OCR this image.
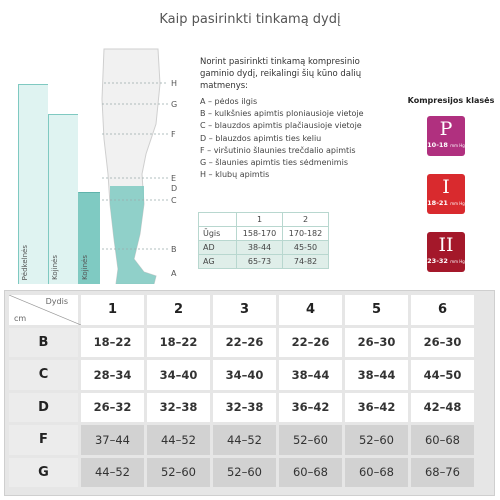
Kaip pasirinkti tinkamą dydį
Pėdkelnės	Kojinės	Kojinės
H
G
F
E
D
C
B
A
Norint pasirinkti tinkamą kompresinio gaminio dydį, reikalingi šių kūno dalių matmenys:
A – pėdos ilgis
B – kulkšnies apimtis ploniausioje vietoje
C – blauzdos apimtis plačiausioje vietoje
D – blauzdos apimtis ties keliu
F – viršutinio šlaunies trečdalio apimtis
G – šlaunies apimtis ties sėdmenimis
H – klubų apimtis
	1	2
Ūgis	158-170	170-182
AD	38-44	45-50
AG	65-73	74-82
Kompresijos klasės
P
10-18 mm Hg
I
18-21 mm Hg
II
23-32 mm Hg
Dydis
cm	1	2	3	4	5	6
B	18–22	18–22	22–26	22–26	26–30	26–30
C	28–34	34–40	34–40	38–44	38–44	44–50
D	26–32	32–38	32–38	36–42	36–42	42–48
F	37–44	44–52	44–52	52–60	52–60	60–68
G	44–52	52–60	52–60	60–68	60–68	68–76
